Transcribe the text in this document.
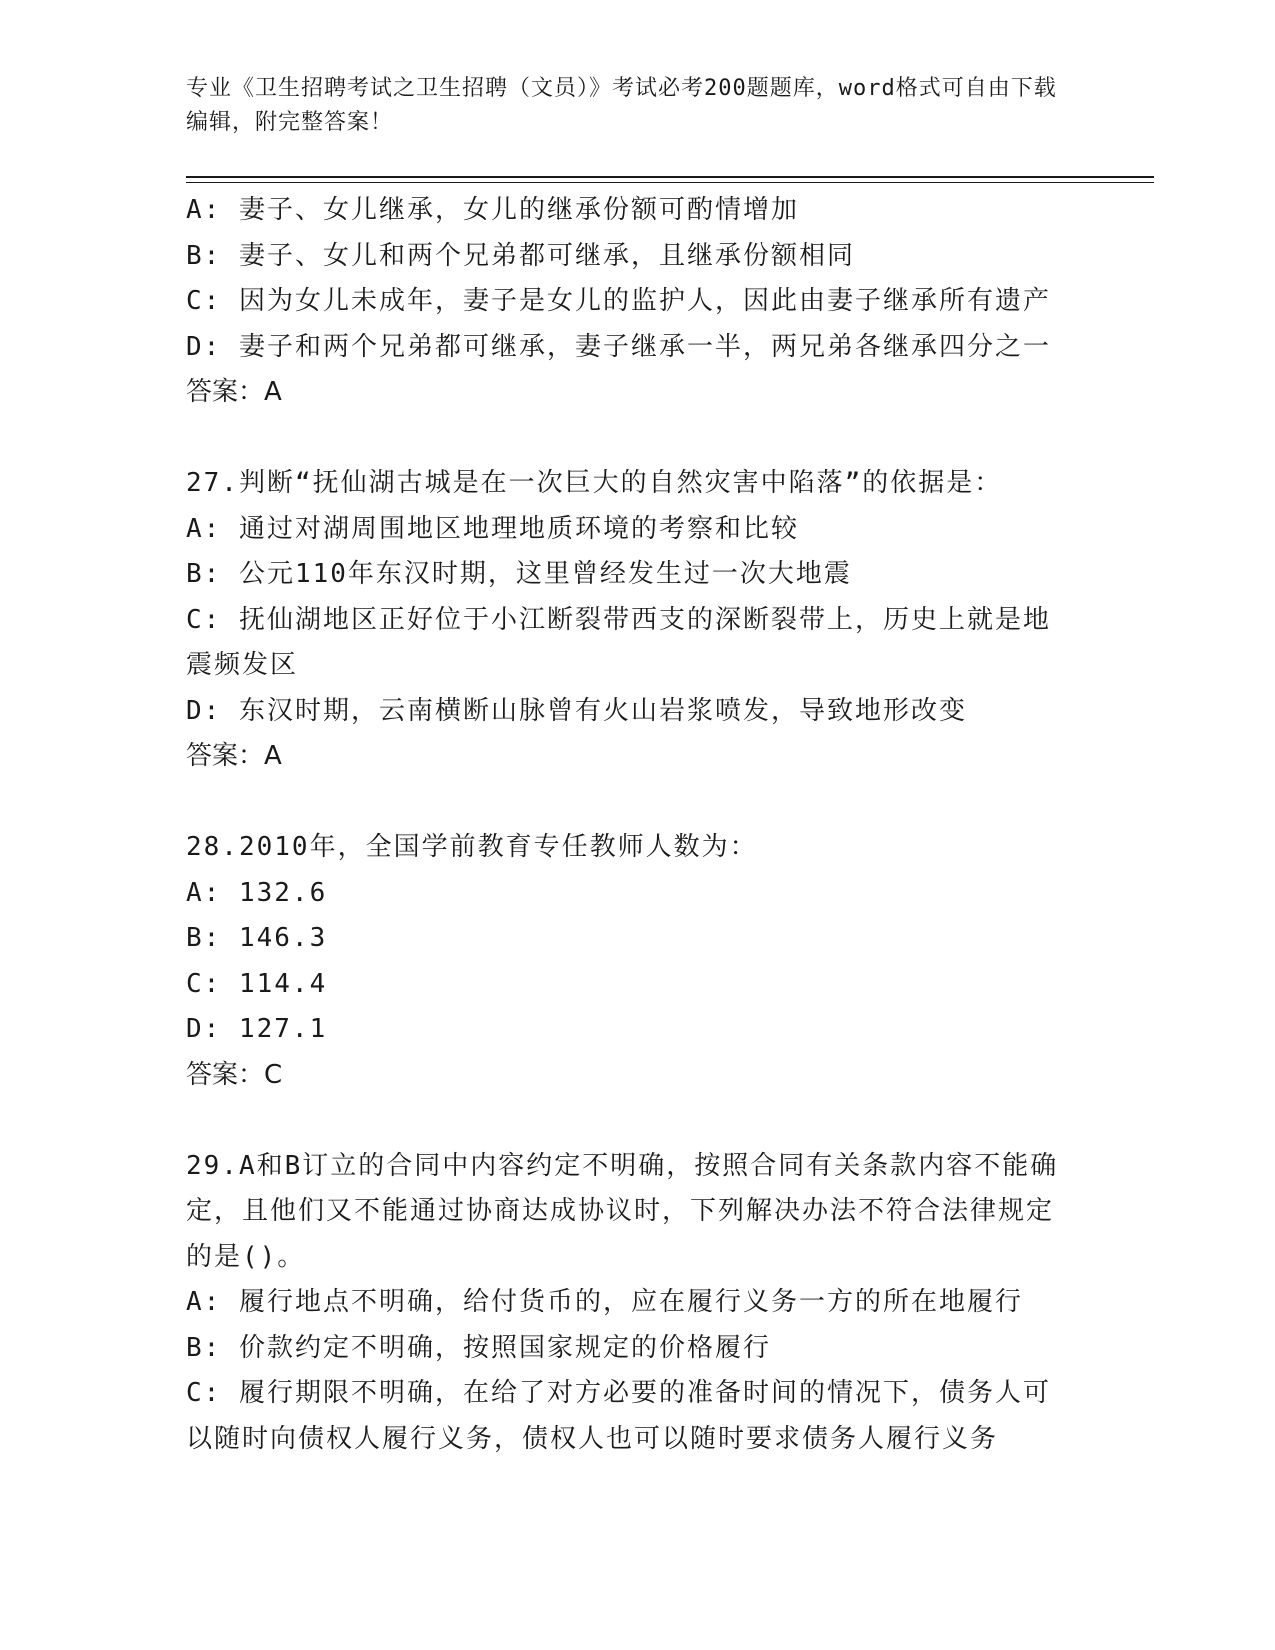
专业《卫生招聘考试之卫生招聘（文员）》考试必考200题题库，word格式可自由下载编辑，附完整答案！
A: 妻子、女儿继承，女儿的继承份额可酌情增加
B: 妻子、女儿和两个兄弟都可继承，且继承份额相同
C: 因为女儿未成年，妻子是女儿的监护人，因此由妻子继承所有遗产
D: 妻子和两个兄弟都可继承，妻子继承一半，两兄弟各继承四分之一
答案：A
27.判断“抚仙湖古城是在一次巨大的自然灾害中陷落”的依据是：
A: 通过对湖周围地区地理地质环境的考察和比较
B: 公元110年东汉时期，这里曾经发生过一次大地震
C: 抚仙湖地区正好位于小江断裂带西支的深断裂带上，历史上就是地震频发区
D: 东汉时期，云南横断山脉曾有火山岩浆喷发，导致地形改变
答案：A
28.2010年，全国学前教育专任教师人数为：
A: 132.6
B: 146.3
C: 114.4
D: 127.1
答案：C
29.A和B订立的合同中内容约定不明确，按照合同有关条款内容不能确定，且他们又不能通过协商达成协议时，下列解决办法不符合法律规定的是()。
A: 履行地点不明确，给付货币的，应在履行义务一方的所在地履行
B: 价款约定不明确，按照国家规定的价格履行
C: 履行期限不明确，在给了对方必要的准备时间的情况下，债务人可以随时向债权人履行义务，债权人也可以随时要求债务人履行义务
